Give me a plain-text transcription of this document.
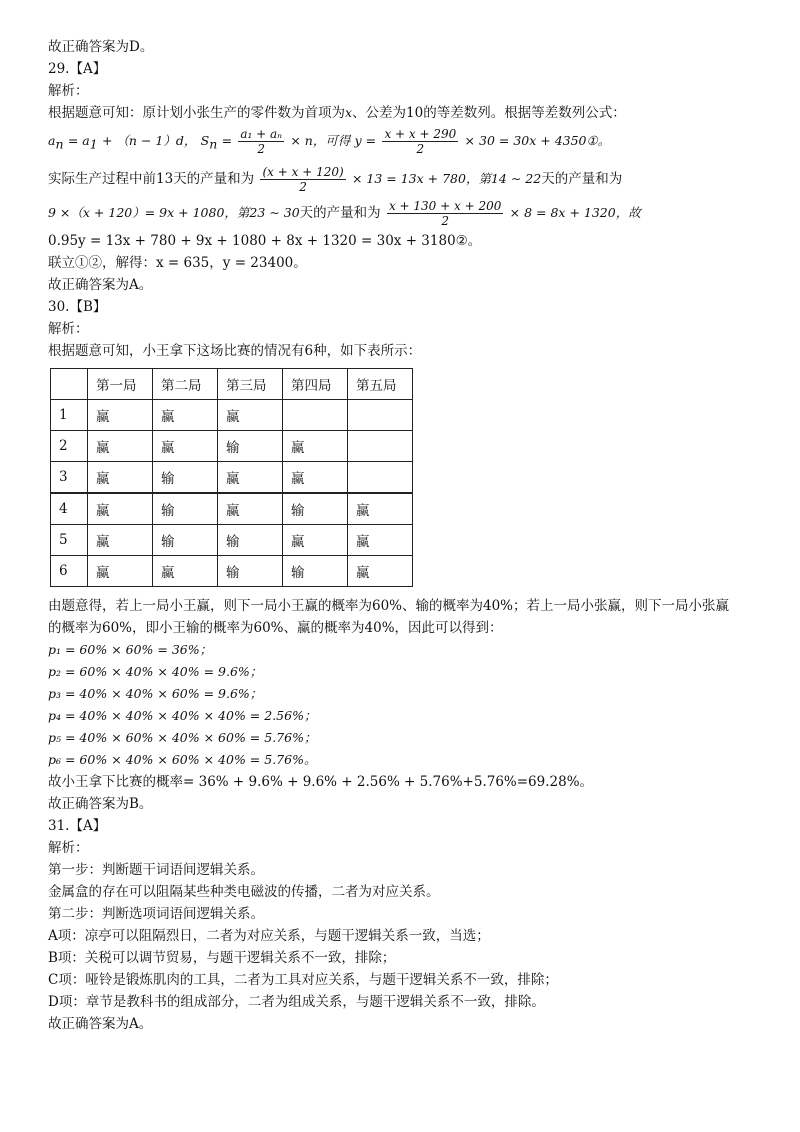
故正确答案为D。
29.【A】
解析：
根据题意可知：原计划小张生产的零件数为首项为x、公差为10的等差数列。根据等差数列公式：
$a_n = a_1 + (n - 1)d$， $S_n = \frac{\text{a₁ + aₙ}}{2} \times n$，可得 $y = \frac{x + x + 290}{2} \times 30 = 30x$ + 4350①。
实际生产过程中前13天的产量和为 $\frac{(x + x + 120)}{2} \times 13 = 13x + 780$，第14 ∼ 22天的产量和为
9 ×（x + 120）= 9x + 1080，第23 ∼ 30天的产量和为 $\frac{x + 130 + x + 200}{2} \times 8 = 8x + 1320$，故
0.95y = 13x + 780 + 9x + 1080 + 8x + 1320 = 30x + 3180②。
联立①②，解得：x = 635，y = 23400。
故正确答案为A。
30.【B】
解析：
根据题意可知，小王拿下这场比赛的情况有6种，如下表所示：
	第一局	第二局	第三局	第四局	第五局
1	赢	赢	赢		
2	赢	赢	输	赢	
3	赢	输	赢	赢	
4	赢	输	赢	输	赢
5	赢	输	输	赢	赢
6	赢	赢	输	输	赢
由题意得，若上一局小王赢，则下一局小王赢的概率为60%、输的概率为40%；若上一局小张赢，则下一局小张赢
的概率为60%，即小王输的概率为60%、赢的概率为40%，因此可以得到：
p₁ = 60% × 60% = 36%；
p₂ = 60% × 40% × 40% = 9.6%；
p₃ = 40% × 40% × 60% = 9.6%；
p₄ = 40% × 40% × 40% × 40% = 2.56%；
p₅ = 40% × 60% × 40% × 60% = 5.76%；
p₆ = 60% × 40% × 60% × 40% = 5.76%。
故小王拿下比赛的概率= 36% + 9.6% + 9.6% + 2.56% + 5.76%+5.76%=69.28%。
故正确答案为B。
31.【A】
解析：
第一步：判断题干词语间逻辑关系。
金属盒的存在可以阻隔某些种类电磁波的传播，二者为对应关系。
第二步：判断选项词语间逻辑关系。
A项：凉亭可以阻隔烈日，二者为对应关系，与题干逻辑关系一致，当选；
B项：关税可以调节贸易，与题干逻辑关系不一致，排除；
C项：哑铃是锻炼肌肉的工具，二者为工具对应关系，与题干逻辑关系不一致，排除；
D项：章节是教科书的组成部分，二者为组成关系，与题干逻辑关系不一致，排除。
故正确答案为A。
